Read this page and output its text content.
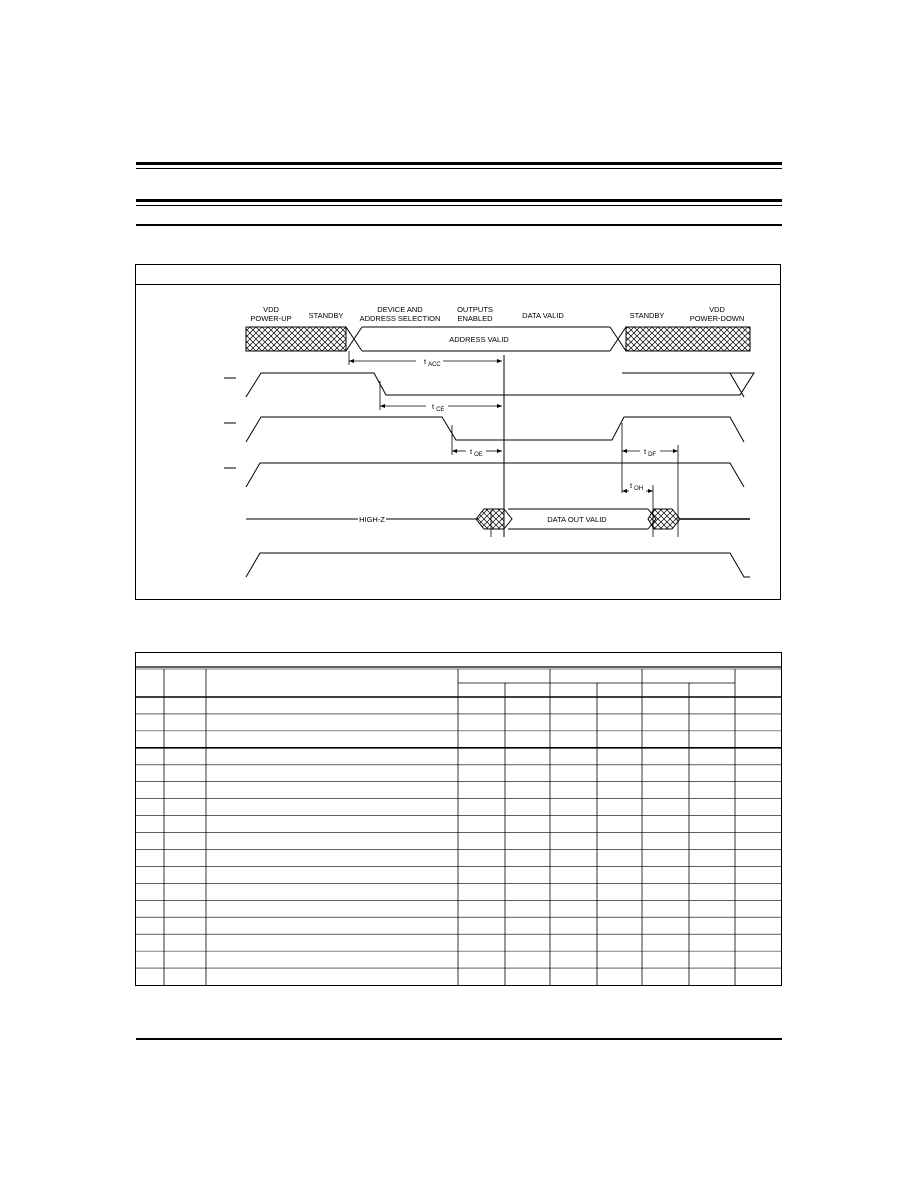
VDD
POWER-UP STANDBY
DEVICE AND
ADDRESS SELECTION
OUTPUTS
ENABLED	DATA VALID	STANDBY
VDD
POWER-DOWN
ADDRESS VALID
t $_{ACC}$
t $_{CE}$
t $_{OE}$	t $_{DF}$
t $_{OH}$
HIGH-Z	DATA OUT VALID
